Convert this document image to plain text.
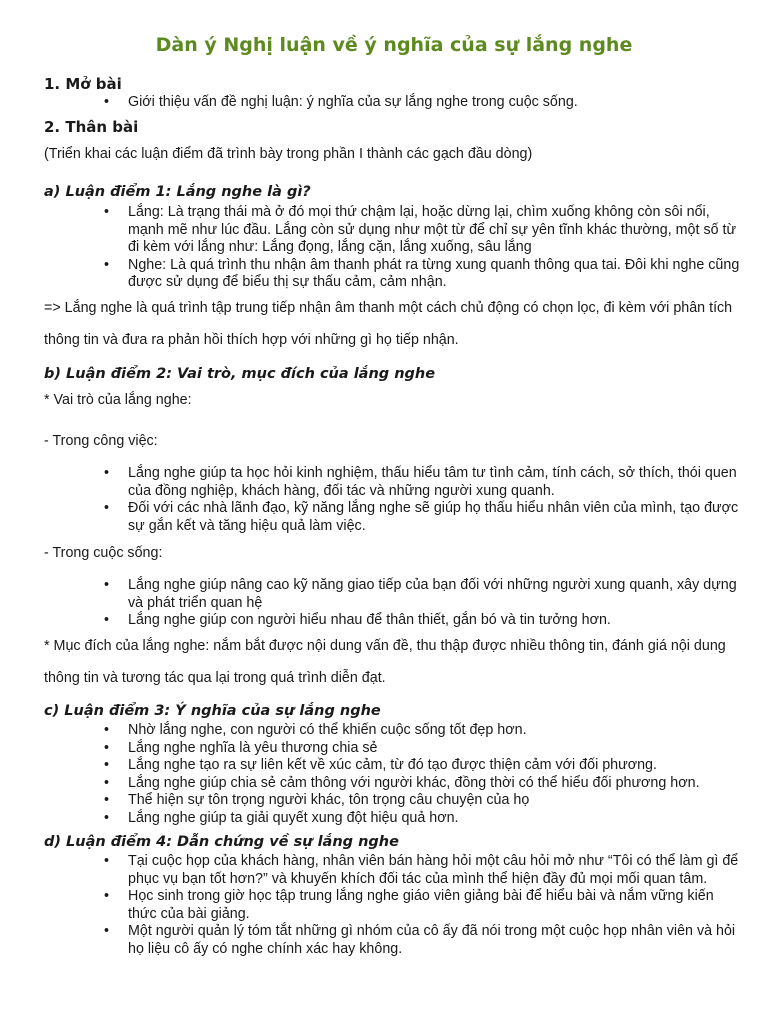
Dàn ý Nghị luận về ý nghĩa của sự lắng nghe
1. Mở bài
• Giới thiệu vấn đề nghị luận: ý nghĩa của sự lắng nghe trong cuộc sống.
2. Thân bài

(Triển khai các luận điểm đã trình bày trong phần I thành các gạch đầu dòng)

a) Luận điểm 1: Lắng nghe là gì?
• Lắng: Là trạng thái mà ở đó mọi thứ chậm lại, hoặc dừng lại, chìm xuống không còn sôi nổi, mạnh mẽ như lúc đầu. Lắng còn sử dụng như một từ để chỉ sự yên tĩnh khác thường, một số từ đi kèm với lắng như: Lắng đọng, lắng cặn, lắng xuống, sâu lắng
• Nghe: Là quá trình thu nhận âm thanh phát ra từng xung quanh thông qua tai. Đôi khi nghe cũng được sử dụng để biểu thị sự thấu cảm, cảm nhận.

=> Lắng nghe là quá trình tập trung tiếp nhận âm thanh một cách chủ động có chọn lọc, đi kèm với phân tích thông tin và đưa ra phản hồi thích hợp với những gì họ tiếp nhận.

b) Luận điểm 2: Vai trò, mục đích của lắng nghe

* Vai trò của lắng nghe:

- Trong công việc:

• Lắng nghe giúp ta học hỏi kinh nghiệm, thấu hiểu tâm tư tình cảm, tính cách, sở thích, thói quen của đồng nghiệp, khách hàng, đối tác và những người xung quanh.
• Đối với các nhà lãnh đạo, kỹ năng lắng nghe sẽ giúp họ thấu hiểu nhân viên của mình, tạo được sự gắn kết và tăng hiệu quả làm việc.

- Trong cuộc sống:

• Lắng nghe giúp nâng cao kỹ năng giao tiếp của bạn đối với những người xung quanh, xây dựng và phát triển quan hệ
• Lắng nghe giúp con người hiểu nhau để thân thiết, gắn bó và tin tưởng hơn.

* Mục đích của lắng nghe: nắm bắt được nội dung vấn đề, thu thập được nhiều thông tin, đánh giá nội dung thông tin và tương tác qua lại trong quá trình diễn đạt.

c) Luận điểm 3: Ý nghĩa của sự lắng nghe
• Nhờ lắng nghe, con người có thể khiến cuộc sống tốt đẹp hơn.
• Lắng nghe nghĩa là yêu thương chia sẻ
• Lắng nghe tạo ra sự liên kết về xúc cảm, từ đó tạo được thiện cảm với đối phương.
• Lắng nghe giúp chia sẻ cảm thông với người khác, đồng thời có thể hiểu đối phương hơn.
• Thể hiện sự tôn trọng người khác, tôn trọng câu chuyện của họ
• Lắng nghe giúp ta giải quyết xung đột hiệu quả hơn.
d) Luận điểm 4: Dẫn chứng về sự lắng nghe
• Tại cuộc họp của khách hàng, nhân viên bán hàng hỏi một câu hỏi mở như “Tôi có thể làm gì để phục vụ bạn tốt hơn?” và khuyến khích đối tác của mình thể hiện đầy đủ mọi mối quan tâm.
• Học sinh trong giờ học tập trung lắng nghe giáo viên giảng bài để hiểu bài và nắm vững kiến thức của bài giảng.
• Một người quản lý tóm tắt những gì nhóm của cô ấy đã nói trong một cuộc họp nhân viên và hỏi họ liệu cô ấy có nghe chính xác hay không.
